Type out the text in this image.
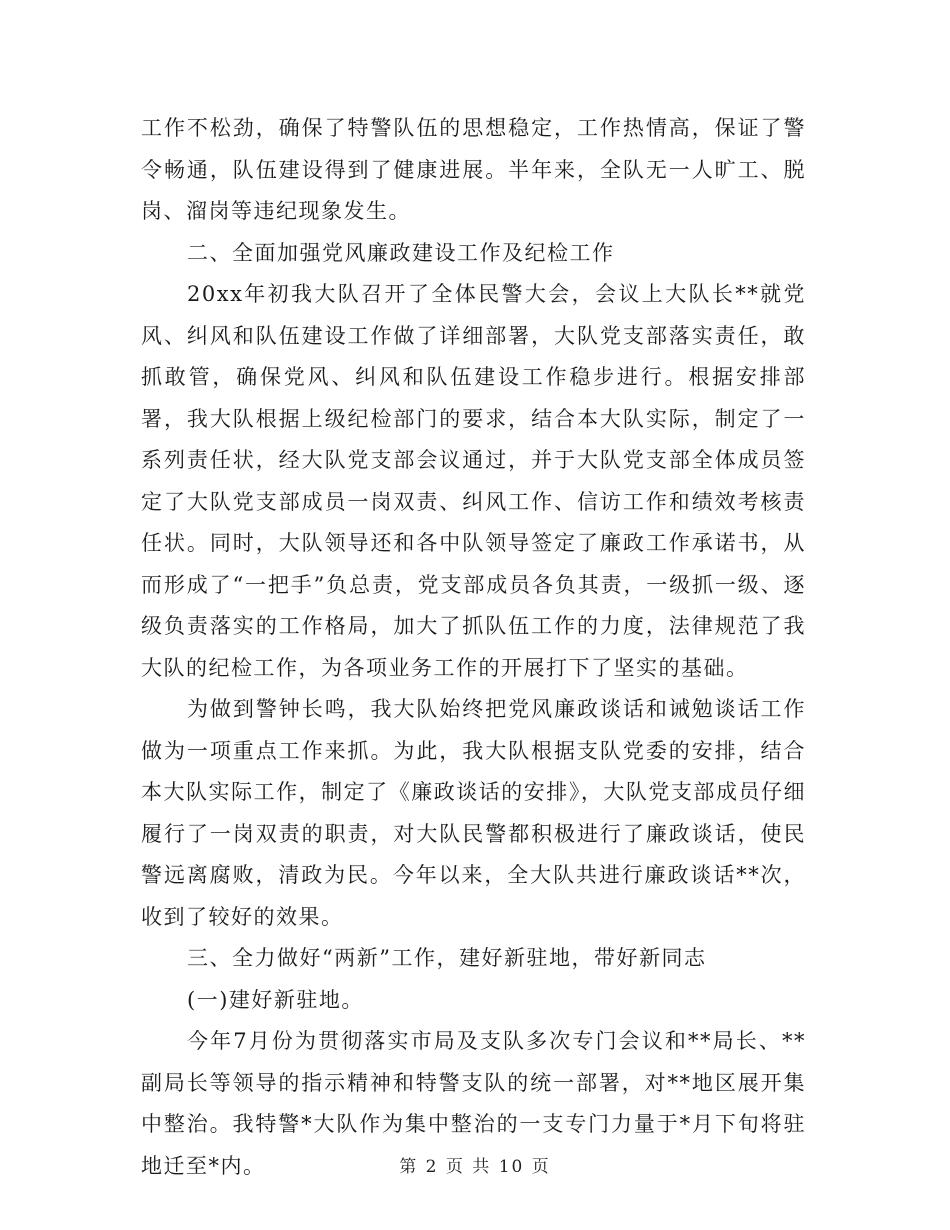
工作不松劲，确保了特警队伍的思想稳定，工作热情高，保证了警令畅通，队伍建设得到了健康进展。半年来，全队无一人旷工、脱岗、溜岗等违纪现象发生。

二、全面加强党风廉政建设工作及纪检工作

20xx年初我大队召开了全体民警大会，会议上大队长**就党风、纠风和队伍建设工作做了详细部署，大队党支部落实责任，敢抓敢管，确保党风、纠风和队伍建设工作稳步进行。根据安排部署，我大队根据上级纪检部门的要求，结合本大队实际，制定了一系列责任状，经大队党支部会议通过，并于大队党支部全体成员签定了大队党支部成员一岗双责、纠风工作、信访工作和绩效考核责任状。同时，大队领导还和各中队领导签定了廉政工作承诺书，从而形成了“一把手”负总责，党支部成员各负其责，一级抓一级、逐级负责落实的工作格局，加大了抓队伍工作的力度，法律规范了我大队的纪检工作，为各项业务工作的开展打下了坚实的基础。

为做到警钟长鸣，我大队始终把党风廉政谈话和诫勉谈话工作做为一项重点工作来抓。为此，我大队根据支队党委的安排，结合本大队实际工作，制定了《廉政谈话的安排》，大队党支部成员仔细履行了一岗双责的职责，对大队民警都积极进行了廉政谈话，使民警远离腐败，清政为民。今年以来，全大队共进行廉政谈话**次，收到了较好的效果。

三、全力做好“两新”工作，建好新驻地，带好新同志

(一)建好新驻地。

今年7月份为贯彻落实市局及支队多次专门会议和**局长、**副局长等领导的指示精神和特警支队的统一部署，对**地区展开集中整治。我特警*大队作为集中整治的一支专门力量于*月下旬将驻地迁至*内。	第 2 页 共 10 页
